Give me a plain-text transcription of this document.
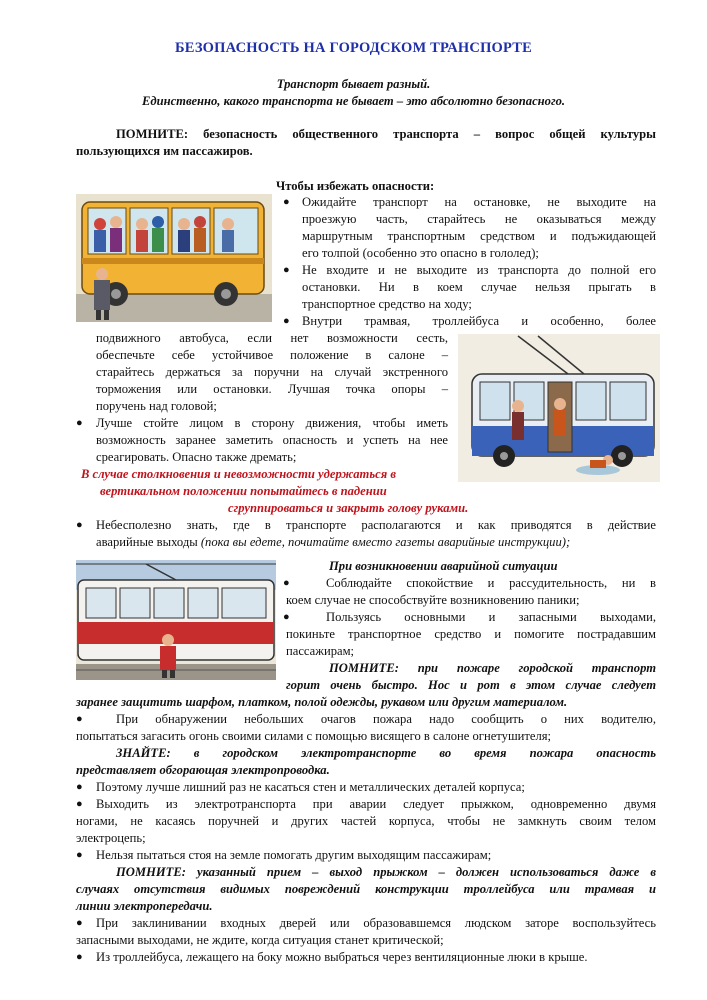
БЕЗОПАСНОСТЬ НА ГОРОДСКОМ ТРАНСПОРТЕ
Транспорт бывает разный.
Единственно, какого транспорта не бывает – это абсолютно безопасного.
ПОМНИТЕ: безопасность общественного транспорта – вопрос общей культуры
пользующихся им пассажиров.
Чтобы избежать опасности:
● Ожидайте транспорт на остановке, не выходите на
проезжую часть, старайтесь не оказываться между
маршрутным транспортным средством и подъжидающей
его толпой (особенно это опасно в гололед);
● Не входите и не выходите из транспорта до полной его
остановки. Ни в коем случае нельзя прыгать в
транспортное средство на ходу;
● Внутри трамвая, троллейбуса и особенно, более
подвижного автобуса, если нет возможности сесть,
обеспечьте себе устойчивое положение в салоне –
старайтесь держаться за поручни на случай экстренного
торможения или остановки. Лучшая точка опоры –
поручень над головой;
● Лучше стойте лицом в сторону движения, чтобы иметь
возможность заранее заметить опасность и успеть на нее
среагировать. Опасно также дремать;
В случае столкновения и невозможности удержаться в
вертикальном положении попытайтесь в падении
сгруппироваться и закрыть голову руками.
● Небесполезно знать, где в транспорте располагаются и как приводятся в действие
аварийные выходы (пока вы едете, почитайте вместо газеты аварийные инструкции);
При возникновении аварийной ситуации
●	Соблюдайте спокойствие и рассудительность, ни в
коем случае не способствуйте возникновению паники;
●	Пользуясь основными и запасными выходами,
покиньте транспортное средство и помогите пострадавшим
пассажирам;
ПОМНИТЕ: при пожаре городской транспорт
горит очень быстро. Нос и рот в этом случае следует
заранее защитить шарфом, платком, полой одежды, рукавом или другим материалом.
●	При обнаружении небольших очагов пожара надо сообщить о них водителю,
попытаться загасить огонь своими силами с помощью висящего в салоне огнетушителя;
ЗНАЙТЕ: в городском электротранспорте во время пожара опасность
представляет обгорающая электропроводка.
● Поэтому лучше лишний раз не касаться стен и металлических деталей корпуса;
● Выходить из электротранспорта при аварии следует прыжком, одновременно двумя
ногами, не касаясь поручней и других частей корпуса, чтобы не замкнуть своим телом
электроцепь;
● Нельзя пытаться стоя на земле помогать другим выходящим пассажирам;
ПОМНИТЕ: указанный прием – выход прыжком – должен использоваться даже в
случаях отсутствия видимых повреждений конструкции троллейбуса или трамвая и
линии электропередачи.
● При заклинивании входных дверей или образовавшемся людском заторе воспользуйтесь
запасными выходами, не ждите, когда ситуация станет критической;
● Из троллейбуса, лежащего на боку можно выбраться через вентиляционные люки в крыше.
